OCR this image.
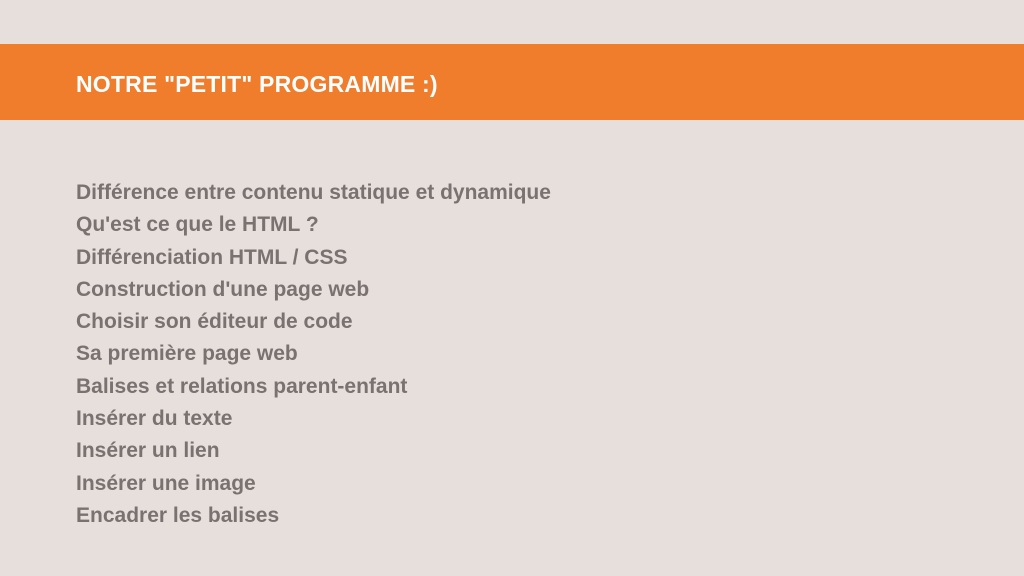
NOTRE "PETIT" PROGRAMME :)
Différence entre contenu statique et dynamique
Qu'est ce que le HTML ?
Différenciation HTML / CSS
Construction d'une page web
Choisir son éditeur de code
Sa première page web
Balises et relations parent-enfant
Insérer du texte
Insérer un lien
Insérer une image
Encadrer les balises
